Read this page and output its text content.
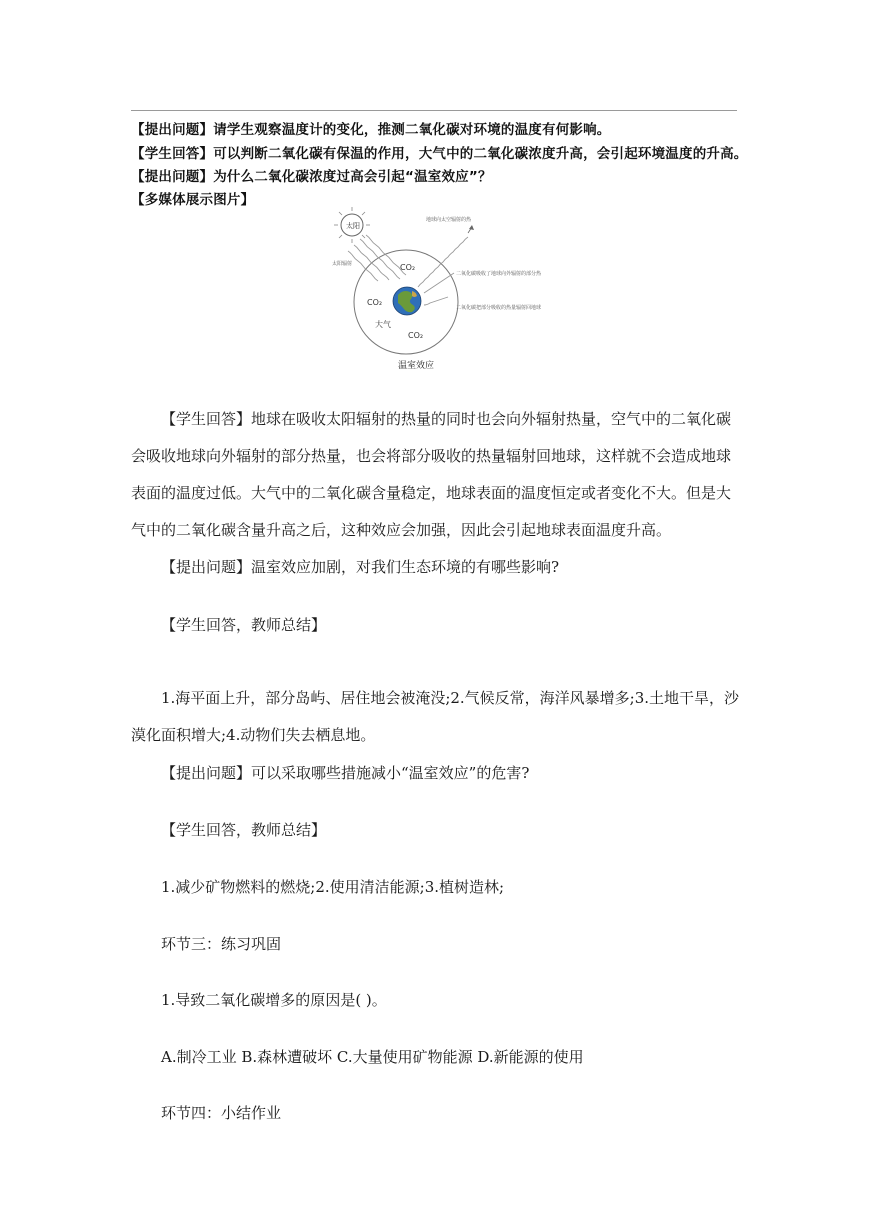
【提出问题】请学生观察温度计的变化，推测二氧化碳对环境的温度有何影响。
【学生回答】可以判断二氧化碳有保温的作用，大气中的二氧化碳浓度升高，会引起环境温度的升高。
【提出问题】为什么二氧化碳浓度过高会引起“温室效应”？
【多媒体展示图片】
太阳
太阳辐射
地球向太空辐射的热
二氧化碳吸收了地球向外辐射的部分热
二氧化碳把部分吸收的热量辐射回地球
CO₂
CO₂
CO₂
大气
温室效应

【学生回答】地球在吸收太阳辐射的热量的同时也会向外辐射热量，空气中的二氧化碳会吸收地球向外辐射的部分热量，也会将部分吸收的热量辐射回地球，这样就不会造成地球表面的温度过低。大气中的二氧化碳含量稳定，地球表面的温度恒定或者变化不大。但是大气中的二氧化碳含量升高之后，这种效应会加强，因此会引起地球表面温度升高。

【提出问题】温室效应加剧，对我们生态环境的有哪些影响?
【学生回答，教师总结】

1.海平面上升，部分岛屿、居住地会被淹没;2.气候反常，海洋风暴增多;3.土地干旱，沙漠化面积增大;4.动物们失去栖息地。

【提出问题】可以采取哪些措施减小“温室效应”的危害?
【学生回答，教师总结】
1.减少矿物燃料的燃烧;2.使用清洁能源;3.植树造林;
环节三：练习巩固
1.导致二氧化碳增多的原因是( )。
A.制冷工业 B.森林遭破坏 C.大量使用矿物能源 D.新能源的使用
环节四：小结作业
